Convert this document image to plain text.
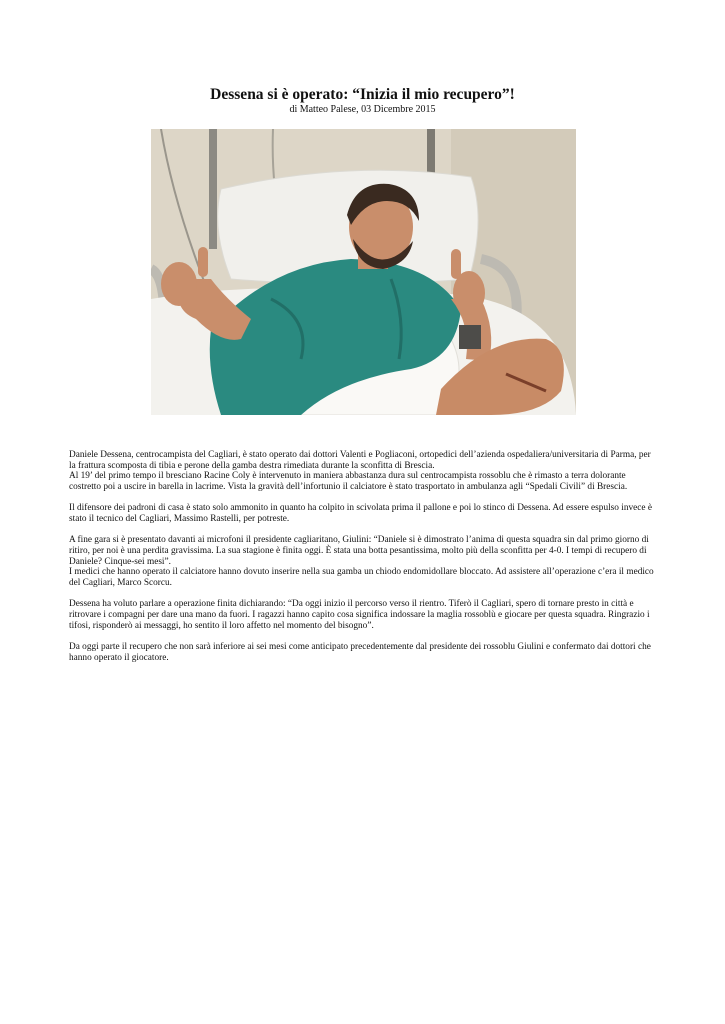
Dessena si è operato: “Inizia il mio recupero”!
di Matteo Palese, 03 Dicembre 2015

Daniele Dessena, centrocampista del Cagliari, è stato operato dai dottori Valenti e Pogliaconi, ortopedici dell’azienda ospedaliera/universitaria di Parma, per la frattura scomposta di tibia e perone della gamba destra rimediata durante la sconfitta di Brescia.
Al 19’ del primo tempo il bresciano Racine Coly è intervenuto in maniera abbastanza dura sul centrocampista rossoblu che è rimasto a terra dolorante costretto poi a uscire in barella in lacrime. Vista la gravità dell’infortunio il calciatore è stato trasportato in ambulanza agli “Spedali Civili” di Brescia.

Il difensore dei padroni di casa è stato solo ammonito in quanto ha colpito in scivolata prima il pallone e poi lo stinco di Dessena. Ad essere espulso invece è stato il tecnico del Cagliari, Massimo Rastelli, per potreste.

A fine gara si è presentato davanti ai microfoni il presidente cagliaritano, Giulini: “Daniele si è dimostrato l’anima di questa squadra sin dal primo giorno di ritiro, per noi è una perdita gravissima. La sua stagione è finita oggi. È stata una botta pesantissima, molto più della sconfitta per 4-0. I tempi di recupero di Daniele? Cinque-sei mesi”.
I medici che hanno operato il calciatore hanno dovuto inserire nella sua gamba un chiodo endomidollare bloccato. Ad assistere all’operazione c’era il medico del Cagliari, Marco Scorcu.

Dessena ha voluto parlare a operazione finita dichiarando: “Da oggi inizio il percorso verso il rientro. Tiferò il Cagliari, spero di tornare presto in città e ritrovare i compagni per dare una mano da fuori. I ragazzi hanno capito cosa significa indossare la maglia rossoblù e giocare per questa squadra. Ringrazio i tifosi, risponderò ai messaggi, ho sentito il loro affetto nel momento del bisogno”.

Da oggi parte il recupero che non sarà inferiore ai sei mesi come anticipato precedentemente dal presidente dei rossoblu Giulini e confermato dai dottori che hanno operato il giocatore.
